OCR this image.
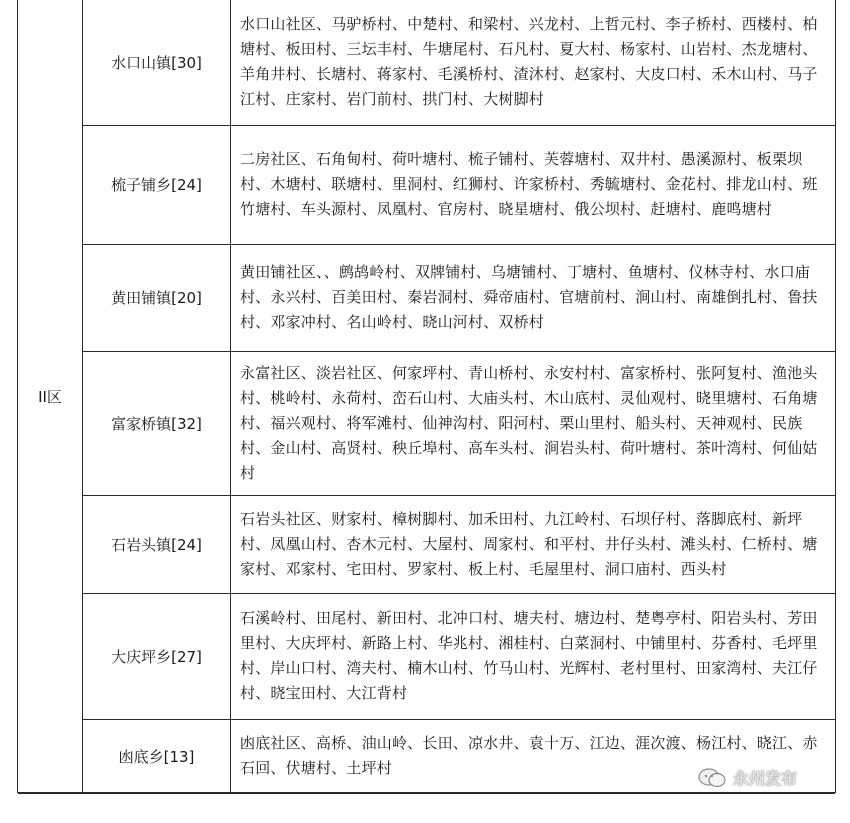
II区	水口山镇[30]	水口山社区、马驴桥村、中楚村、和梁村、兴龙村、上哲元村、李子桥村、西楼村、柏塘村、板田村、三坛丰村、牛塘尾村、石凡村、夏大村、杨家村、山岩村、杰龙塘村、羊角井村、长塘村、蒋家村、毛溪桥村、渣沐村、赵家村、大皮口村、禾木山村、马子江村、庄家村、岩门前村、拱门村、大树脚村
	梳子铺乡[24]	二房社区、石角甸村、荷叶塘村、梳子铺村、芙蓉塘村、双井村、愚溪源村、板栗坝村、木塘村、联塘村、里洞村、红狮村、许家桥村、秀毓塘村、金花村、排龙山村、班竹塘村、车头源村、凤凰村、官房村、晓星塘村、俄公坝村、赶塘村、鹿鸣塘村
	黄田铺镇[20]	黄田铺社区、、鹧鸪岭村、双牌铺村、乌塘铺村、丁塘村、鱼塘村、仪林寺村、水口庙村、永兴村、百美田村、秦岩洞村、舜帝庙村、官塘前村、涧山村、南雄倒扎村、鲁扶村、邓家冲村、名山岭村、晓山河村、双桥村
	富家桥镇[32]	永富社区、淡岩社区、何家坪村、青山桥村、永安村村、富家桥村、张阿复村、渔池头村、桃岭村、永荷村、峦石山村、大庙头村、木山底村、灵仙观村、晓里塘村、石角塘村、福兴观村、将军滩村、仙神沟村、阳河村、栗山里村、船头村、天神观村、民族村、金山村、高贤村、秧丘埠村、高车头村、涧岩头村、荷叶塘村、茶叶湾村、何仙姑村
	石岩头镇[24]	石岩头社区、财家村、樟树脚村、加禾田村、九江岭村、石坝仔村、落脚底村、新坪村、凤凰山村、杏木元村、大屋村、周家村、和平村、井仔头村、滩头村、仁桥村、塘家村、邓家村、宅田村、罗家村、板上村、毛屋里村、洞口庙村、西头村
	大庆坪乡[27]	石溪岭村、田尾村、新田村、北冲口村、塘夫村、塘边村、楚粤亭村、阳岩头村、芳田里村、大庆坪村、新路上村、华兆村、湘桂村、白菜洞村、中铺里村、芬香村、毛坪里村、岸山口村、湾夫村、楠木山村、竹马山村、光辉村、老村里村、田家湾村、夫江仔村、晓宝田村、大江背村
	凼底乡[13]	凼底社区、高桥、油山岭、长田、凉水井、袁十万、江边、涯次渡、杨江村、晓江、赤石回、伏塘村、土坪村
永州发布
